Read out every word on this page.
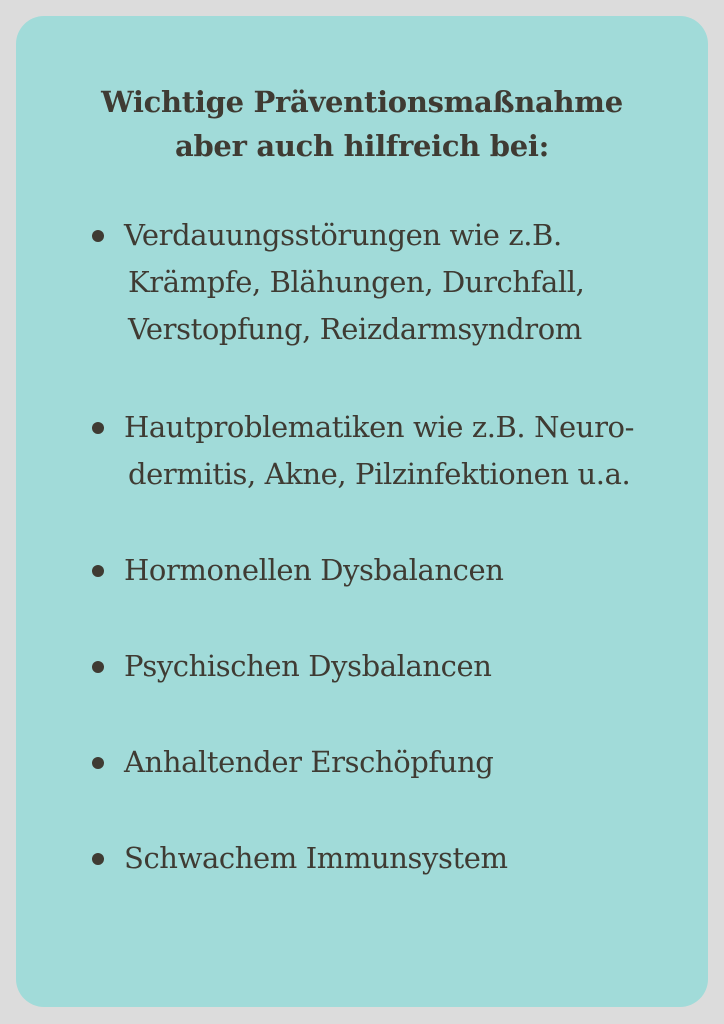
Wichtige Präventionsmaßnahme
aber auch hilfreich bei:
Verdauungsstörungen wie z.B.
Krämpfe, Blähungen, Durchfall,
Verstopfung, Reizdarmsyndrom
Hautproblematiken wie z.B. Neuro-
dermitis, Akne, Pilzinfektionen u.a.
Hormonellen Dysbalancen
Psychischen Dysbalancen
Anhaltender Erschöpfung
Schwachem Immunsystem
